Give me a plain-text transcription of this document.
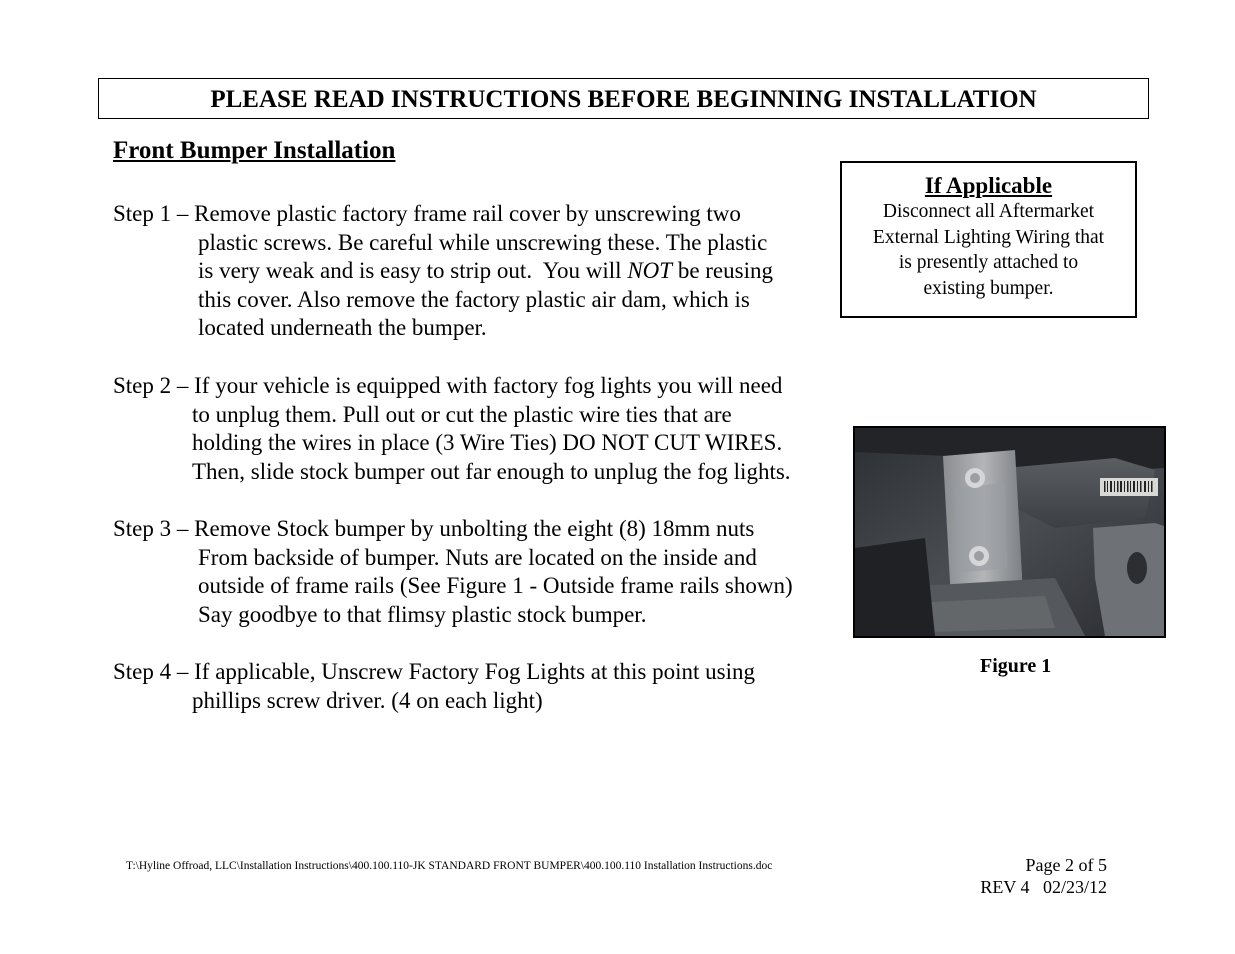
PLEASE READ INSTRUCTIONS BEFORE BEGINNING INSTALLATION
Front Bumper Installation
Step 1 – Remove plastic factory frame rail cover by unscrewing two
plastic screws. Be careful while unscrewing these. The plastic
is very weak and is easy to strip out.  You will NOT be reusing
this cover. Also remove the factory plastic air dam, which is
located underneath the bumper.
Step 2 – If your vehicle is equipped with factory fog lights you will need
to unplug them. Pull out or cut the plastic wire ties that are
holding the wires in place (3 Wire Ties) DO NOT CUT WIRES.
Then, slide stock bumper out far enough to unplug the fog lights.
Step 3 – Remove Stock bumper by unbolting the eight (8) 18mm nuts
From backside of bumper. Nuts are located on the inside and
outside of frame rails (See Figure 1 - Outside frame rails shown)
Say goodbye to that flimsy plastic stock bumper.
Step 4 – If applicable, Unscrew Factory Fog Lights at this point using
phillips screw driver. (4 on each light)
If Applicable
Disconnect all Aftermarket
External Lighting Wiring that
is presently attached to
existing bumper.
Figure 1
T:\Hyline Offroad, LLC\Installation Instructions\400.100.110-JK STANDARD FRONT BUMPER\400.100.110 Installation Instructions.doc	Page 2 of 5
REV 4   02/23/12
